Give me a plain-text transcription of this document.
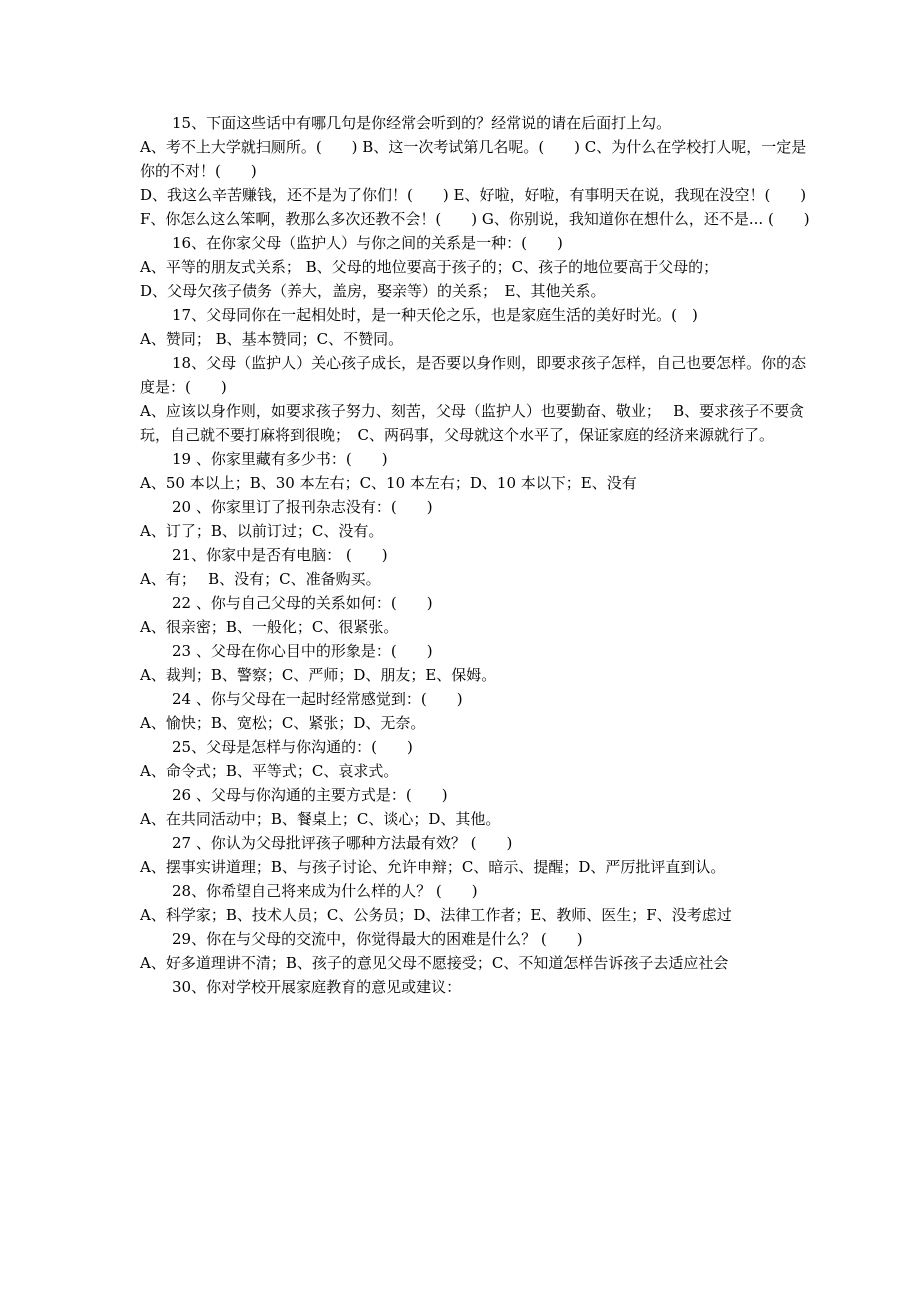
15、下面这些话中有哪几句是你经常会听到的？经常说的请在后面打上勾。

A、考不上大学就扫厕所。(　　) B、这一次考试第几名呢。(　　) C、为什么在学校打人呢，一定是你的不对！(　　)

D、我这么辛苦赚钱，还不是为了你们！(　　) E、好啦，好啦，有事明天在说，我现在没空！(　　) F、你怎么这么笨啊，教那么多次还教不会！(　　) G、你别说，我知道你在想什么，还不是... (　　)

16、在你家父母（监护人）与你之间的关系是一种：(　　)

A、平等的朋友式关系； B、父母的地位要高于孩子的；C、孩子的地位要高于父母的；

D、父母欠孩子债务（养大，盖房，娶亲等）的关系；　E、其他关系。

17、父母同你在一起相处时，是一种天伦之乐，也是家庭生活的美好时光。(　)

A、赞同； B、基本赞同；C、不赞同。

18、父母（监护人）关心孩子成长，是否要以身作则，即要求孩子怎样，自己也要怎样。你的态度是：(　　)

A、应该以身作则，如要求孩子努力、刻苦，父母（监护人）也要勤奋、敬业；　 B、要求孩子不要贪玩，自己就不要打麻将到很晚；　C、两码事，父母就这个水平了，保证家庭的经济来源就行了。

19 、你家里藏有多少书：(　　)

A、50 本以上；B、30 本左右；C、10 本左右；D、10 本以下；E、没有

20 、你家里订了报刊杂志没有：(　　)

A、订了；B、以前订过；C、没有。

21、你家中是否有电脑： (　　)

A、有；　 B、没有；C、准备购买。

22 、你与自己父母的关系如何：(　　)

A、很亲密；B、一般化；C、很紧张。

23 、父母在你心目中的形象是：(　　)

A、裁判；B、警察；C、严师；D、朋友；E、保姆。

24 、你与父母在一起时经常感觉到：(　　)

A、愉快；B、宽松；C、紧张；D、无奈。

25、父母是怎样与你沟通的：(　　)

A、命令式；B、平等式；C、哀求式。

26 、父母与你沟通的主要方式是：(　　)

A、在共同活动中；B、餐桌上；C、谈心；D、其他。

27 、你认为父母批评孩子哪种方法最有效？ (　　)

A、摆事实讲道理；B、与孩子讨论、允许申辩；C、暗示、提醒；D、严厉批评直到认。

28、你希望自己将来成为什么样的人？ (　　)

A、科学家；B、技术人员；C、公务员；D、法律工作者；E、教师、医生；F、没考虑过

29、你在与父母的交流中，你觉得最大的困难是什么？ (　　)

A、好多道理讲不清；B、孩子的意见父母不愿接受；C、不知道怎样告诉孩子去适应社会

30、你对学校开展家庭教育的意见或建议：
